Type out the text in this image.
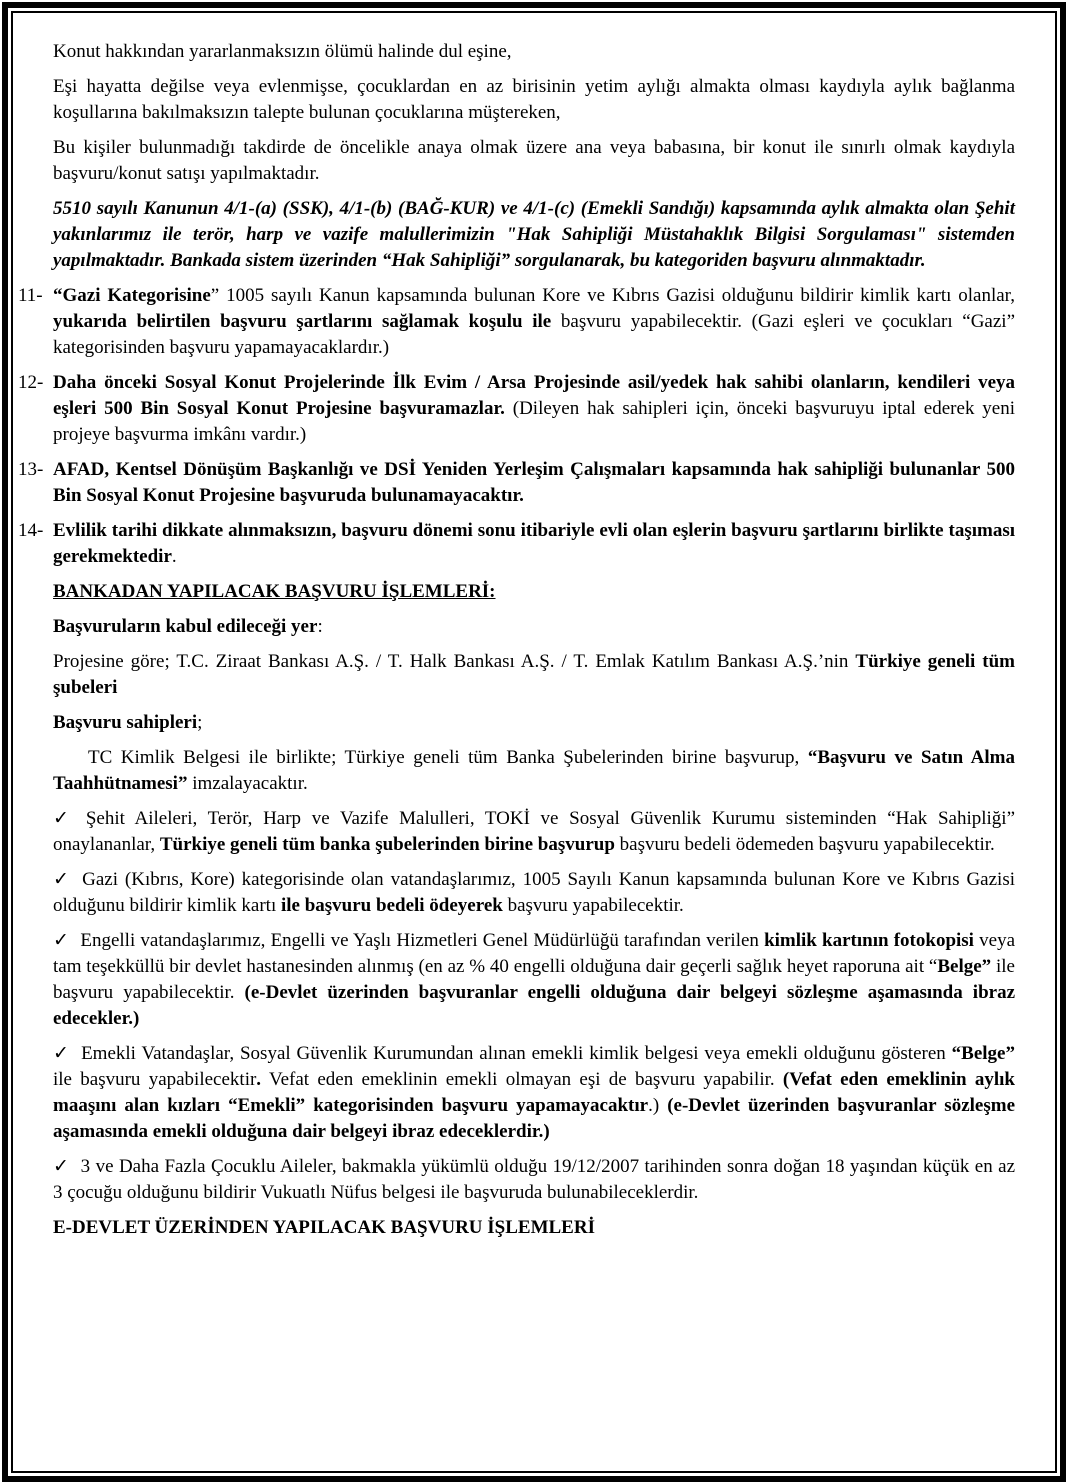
Konut hakkından yararlanmaksızın ölümü halinde dul eşine,

Eşi hayatta değilse veya evlenmişse, çocuklardan en az birisinin yetim aylığı almakta olması kaydıyla aylık bağlanma koşullarına bakılmaksızın talepte bulunan çocuklarına müştereken,

Bu kişiler bulunmadığı takdirde de öncelikle anaya olmak üzere ana veya babasına, bir konut ile sınırlı olmak kaydıyla başvuru/konut satışı yapılmaktadır.

5510 sayılı Kanunun 4/1-(a) (SSK), 4/1-(b) (BAĞ-KUR) ve 4/1-(c) (Emekli Sandığı) kapsamında aylık almakta olan Şehit yakınlarımız ile terör, harp ve vazife malullerimizin "Hak Sahipliği Müstahaklık Bilgisi Sorgulaması" sistemden yapılmaktadır. Bankada sistem üzerinden “Hak Sahipliği” sorgulanarak, bu kategoriden başvuru alınmaktadır.

11- “Gazi Kategorisine” 1005 sayılı Kanun kapsamında bulunan Kore ve Kıbrıs Gazisi olduğunu bildirir kimlik kartı olanlar, yukarıda belirtilen başvuru şartlarını sağlamak koşulu ile başvuru yapabilecektir. (Gazi eşleri ve çocukları “Gazi” kategorisinden başvuru yapamayacaklardır.)

12- Daha önceki Sosyal Konut Projelerinde İlk Evim / Arsa Projesinde asil/yedek hak sahibi olanların, kendileri veya eşleri 500 Bin Sosyal Konut Projesine başvuramazlar. (Dileyen hak sahipleri için, önceki başvuruyu iptal ederek yeni projeye başvurma imkânı vardır.)

13- AFAD, Kentsel Dönüşüm Başkanlığı ve DSİ Yeniden Yerleşim Çalışmaları kapsamında hak sahipliği bulunanlar 500 Bin Sosyal Konut Projesine başvuruda bulunamayacaktır.

14- Evlilik tarihi dikkate alınmaksızın, başvuru dönemi sonu itibariyle evli olan eşlerin başvuru şartlarını birlikte taşıması gerekmektedir.

BANKADAN YAPILACAK BAŞVURU İŞLEMLERİ:

Başvuruların kabul edileceği yer:

Projesine göre; T.C. Ziraat Bankası A.Ş. / T. Halk Bankası A.Ş. / T. Emlak Katılım Bankası A.Ş.’nin Türkiye geneli tüm şubeleri

Başvuru sahipleri;

TC Kimlik Belgesi ile birlikte; Türkiye geneli tüm Banka Şubelerinden birine başvurup, “Başvuru ve Satın Alma Taahhütnamesi” imzalayacaktır.

✓ Şehit Aileleri, Terör, Harp ve Vazife Malulleri, TOKİ ve Sosyal Güvenlik Kurumu sisteminden “Hak Sahipliği” onaylananlar, Türkiye geneli tüm banka şubelerinden birine başvurup başvuru bedeli ödemeden başvuru yapabilecektir.

✓ Gazi (Kıbrıs, Kore) kategorisinde olan vatandaşlarımız, 1005 Sayılı Kanun kapsamında bulunan Kore ve Kıbrıs Gazisi olduğunu bildirir kimlik kartı ile başvuru bedeli ödeyerek başvuru yapabilecektir.

✓ Engelli vatandaşlarımız, Engelli ve Yaşlı Hizmetleri Genel Müdürlüğü tarafından verilen kimlik kartının fotokopisi veya tam teşekküllü bir devlet hastanesinden alınmış (en az % 40 engelli olduğuna dair geçerli sağlık heyet raporuna ait “Belge” ile başvuru yapabilecektir. (e-Devlet üzerinden başvuranlar engelli olduğuna dair belgeyi sözleşme aşamasında ibraz edecekler.)

✓ Emekli Vatandaşlar, Sosyal Güvenlik Kurumundan alınan emekli kimlik belgesi veya emekli olduğunu gösteren “Belge” ile başvuru yapabilecektir. Vefat eden emeklinin emekli olmayan eşi de başvuru yapabilir. (Vefat eden emeklinin aylık maaşını alan kızları “Emekli” kategorisinden başvuru yapamayacaktır.) (e-Devlet üzerinden başvuranlar sözleşme aşamasında emekli olduğuna dair belgeyi ibraz edeceklerdir.)

✓ 3 ve Daha Fazla Çocuklu Aileler, bakmakla yükümlü olduğu 19/12/2007 tarihinden sonra doğan 18 yaşından küçük en az 3 çocuğu olduğunu bildirir Vukuatlı Nüfus belgesi ile başvuruda bulunabileceklerdir.

E-DEVLET ÜZERİNDEN YAPILACAK BAŞVURU İŞLEMLERİ
